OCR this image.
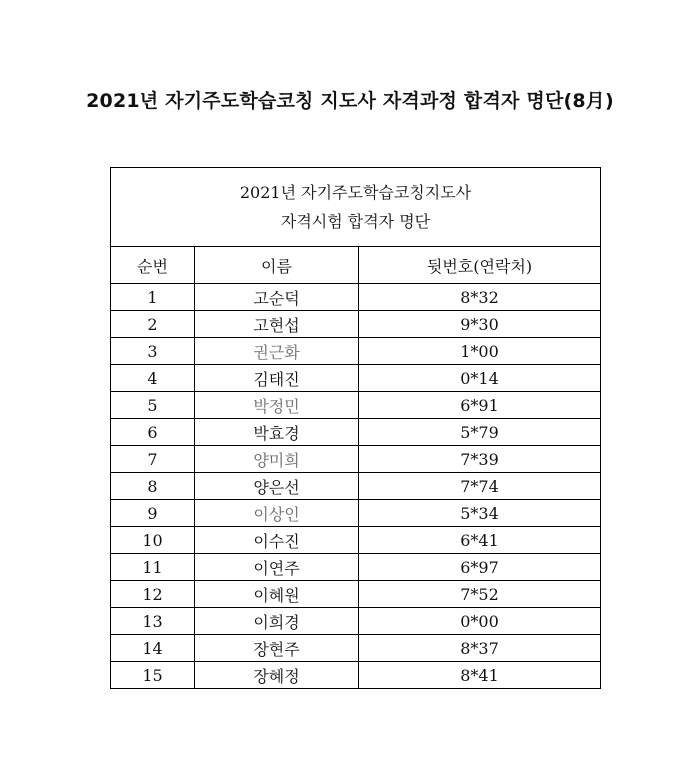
2021년 자기주도학습코칭 지도사 자격과정 합격자 명단(8月)
2021년 자기주도학습코칭지도사
자격시험 합격자 명단		

순번	이름	뒷번호(연락처)
1	고순덕	8*32
2	고현섭	9*30
3	권근화	1*00
4	김태진	0*14
5	박정민	6*91
6	박효경	5*79
7	양미희	7*39
8	양은선	7*74
9	이상인	5*34
10	이수진	6*41
11	이연주	6*97
12	이혜원	7*52
13	이희경	0*00
14	장현주	8*37
15	장혜정	8*41
